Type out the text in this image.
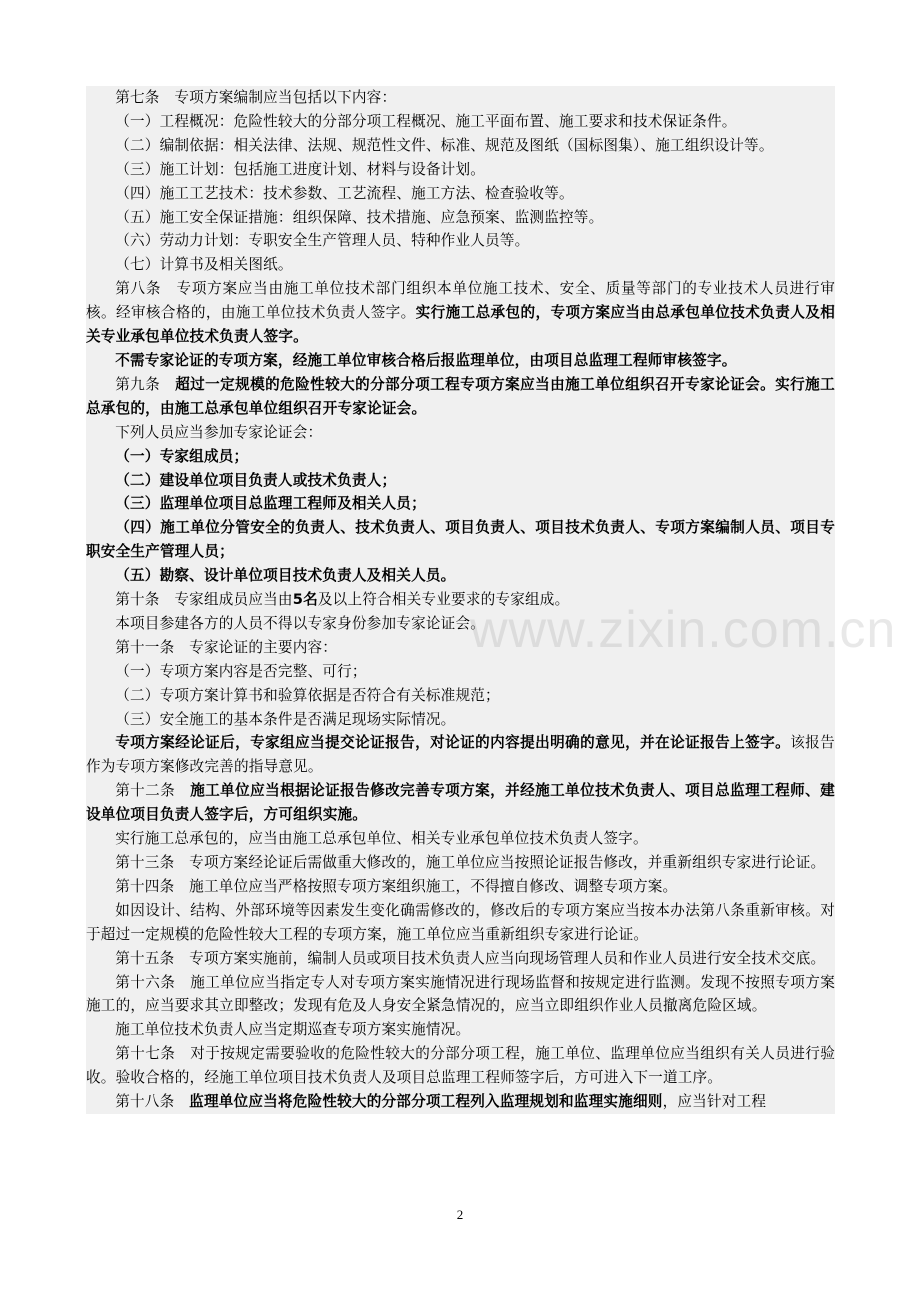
第七条　专项方案编制应当包括以下内容：

（一）工程概况：危险性较大的分部分项工程概况、施工平面布置、施工要求和技术保证条件。

（二）编制依据：相关法律、法规、规范性文件、标准、规范及图纸（国标图集）、施工组织设计等。

（三）施工计划：包括施工进度计划、材料与设备计划。

（四）施工工艺技术：技术参数、工艺流程、施工方法、检查验收等。

（五）施工安全保证措施：组织保障、技术措施、应急预案、监测监控等。

（六）劳动力计划：专职安全生产管理人员、特种作业人员等。

（七）计算书及相关图纸。

第八条　专项方案应当由施工单位技术部门组织本单位施工技术、安全、质量等部门的专业技术人员进行审核。经审核合格的，由施工单位技术负责人签字。实行施工总承包的，专项方案应当由总承包单位技术负责人及相关专业承包单位技术负责人签字。

不需专家论证的专项方案，经施工单位审核合格后报监理单位，由项目总监理工程师审核签字。

第九条　超过一定规模的危险性较大的分部分项工程专项方案应当由施工单位组织召开专家论证会。实行施工总承包的，由施工总承包单位组织召开专家论证会。

下列人员应当参加专家论证会：

（一）专家组成员；

（二）建设单位项目负责人或技术负责人；

（三）监理单位项目总监理工程师及相关人员；

（四）施工单位分管安全的负责人、技术负责人、项目负责人、项目技术负责人、专项方案编制人员、项目专职安全生产管理人员；

（五）勘察、设计单位项目技术负责人及相关人员。

第十条　专家组成员应当由5名及以上符合相关专业要求的专家组成。

本项目参建各方的人员不得以专家身份参加专家论证会。

第十一条　专家论证的主要内容：

（一）专项方案内容是否完整、可行；

（二）专项方案计算书和验算依据是否符合有关标准规范；

（三）安全施工的基本条件是否满足现场实际情况。

专项方案经论证后，专家组应当提交论证报告，对论证的内容提出明确的意见，并在论证报告上签字。该报告作为专项方案修改完善的指导意见。

第十二条　施工单位应当根据论证报告修改完善专项方案，并经施工单位技术负责人、项目总监理工程师、建设单位项目负责人签字后，方可组织实施。

实行施工总承包的，应当由施工总承包单位、相关专业承包单位技术负责人签字。

第十三条　专项方案经论证后需做重大修改的，施工单位应当按照论证报告修改，并重新组织专家进行论证。

第十四条　施工单位应当严格按照专项方案组织施工，不得擅自修改、调整专项方案。

如因设计、结构、外部环境等因素发生变化确需修改的，修改后的专项方案应当按本办法第八条重新审核。对于超过一定规模的危险性较大工程的专项方案，施工单位应当重新组织专家进行论证。

第十五条　专项方案实施前，编制人员或项目技术负责人应当向现场管理人员和作业人员进行安全技术交底。

第十六条　施工单位应当指定专人对专项方案实施情况进行现场监督和按规定进行监测。发现不按照专项方案施工的，应当要求其立即整改；发现有危及人身安全紧急情况的，应当立即组织作业人员撤离危险区域。

施工单位技术负责人应当定期巡查专项方案实施情况。

第十七条　对于按规定需要验收的危险性较大的分部分项工程，施工单位、监理单位应当组织有关人员进行验收。验收合格的，经施工单位项目技术负责人及项目总监理工程师签字后，方可进入下一道工序。

第十八条　监理单位应当将危险性较大的分部分项工程列入监理规划和监理实施细则，应当针对工程

www.zixin.com.cn
2
